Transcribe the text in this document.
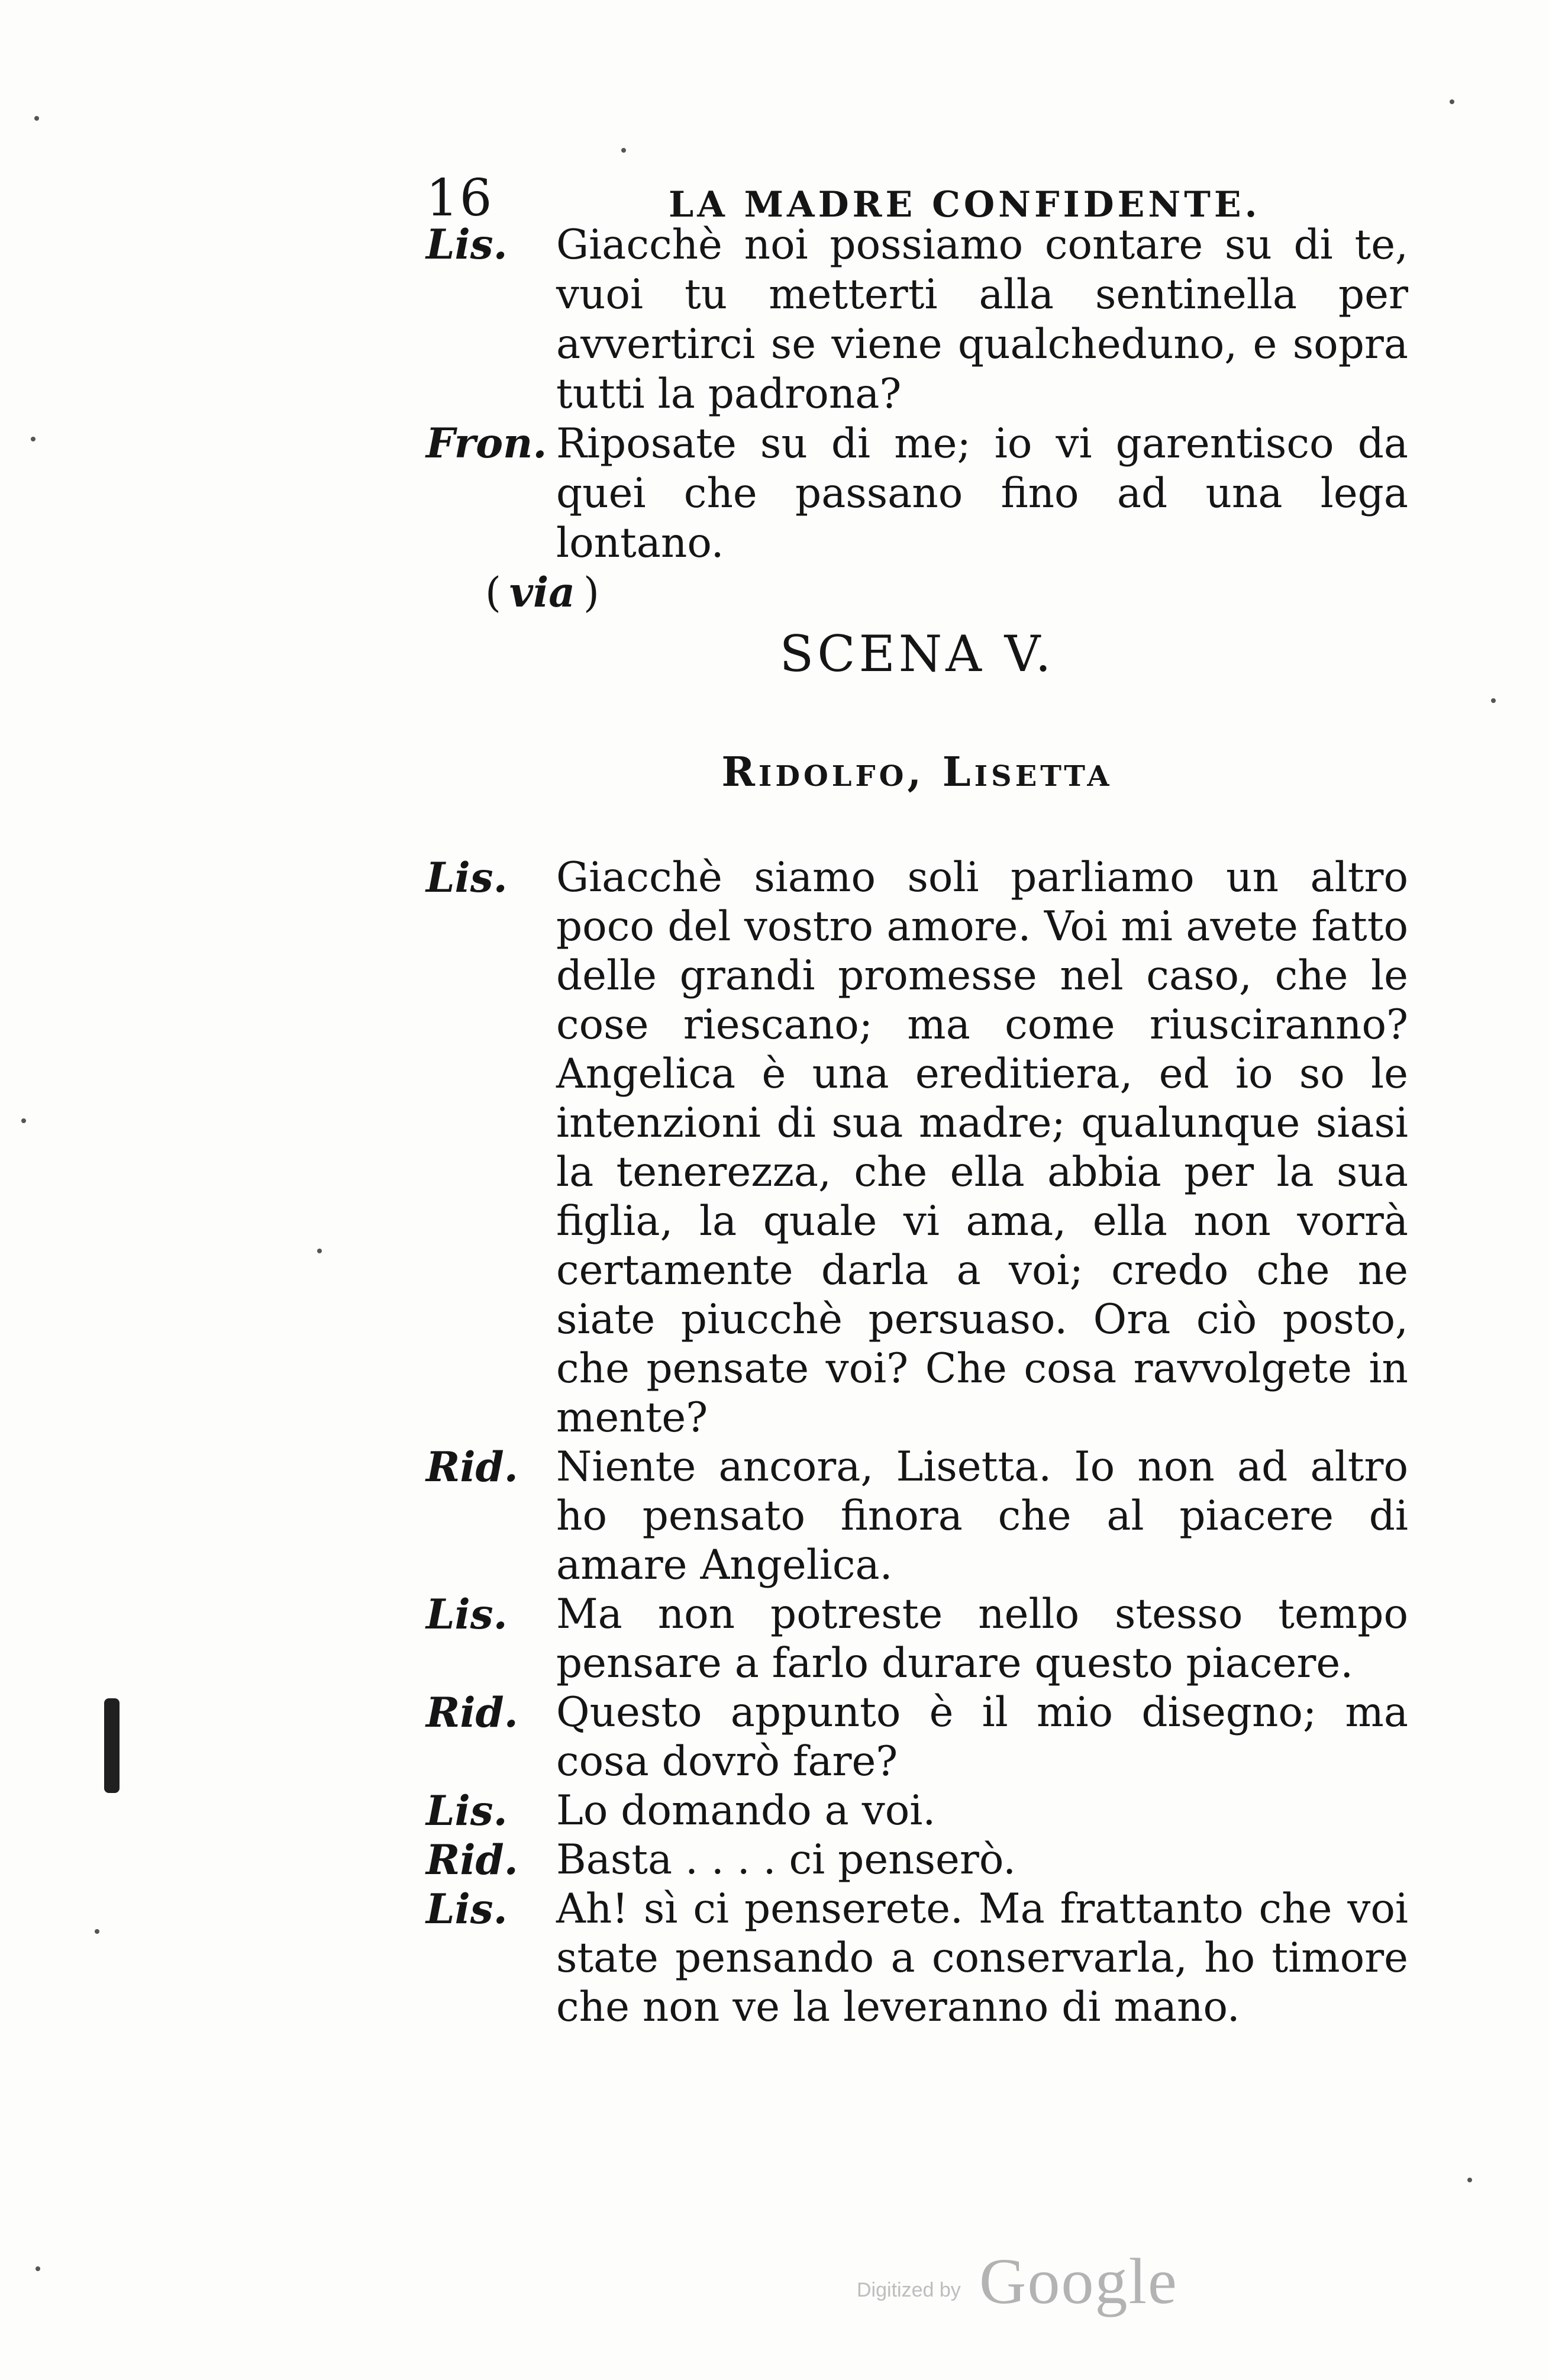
16	LA MADRE CONFIDENTE.
Lis. Giacchè noi possiamo contare su di te, vuoi tu metterti alla sentinella per avvertirci se viene qualcheduno, e sopra tutti la padrona?
Fron. Riposate su di me; io vi garentisco da quei che passano fino ad una lega lontano.
( via )
SCENA V.
Ridolfo, Lisetta
Lis. Giacchè siamo soli parliamo un altro poco del vostro amore. Voi mi avete fatto delle grandi promesse nel caso, che le cose riescano; ma come riusciranno? Angelica è una ereditiera, ed io so le intenzioni di sua madre; qualunque siasi la tenerezza, che ella abbia per la sua figlia, la quale vi ama, ella non vorrà certamente darla a voi; credo che ne siate piucchè persuaso. Ora ciò posto, che pensate voi? Che cosa ravvolgete in mente?
Rid. Niente ancora, Lisetta. Io non ad altro ho pensato finora che al piacere di amare Angelica.
Lis. Ma non potreste nello stesso tempo pensare a farlo durare questo piacere.
Rid. Questo appunto è il mio disegno; ma cosa dovrò fare?
Lis. Lo domando a voi.
Rid. Basta . . . . ci penserò.
Lis. Ah! sì ci penserete. Ma frattanto che voi state pensando a conservarla, ho timore che non ve la leveranno di mano.
Digitized by Google
